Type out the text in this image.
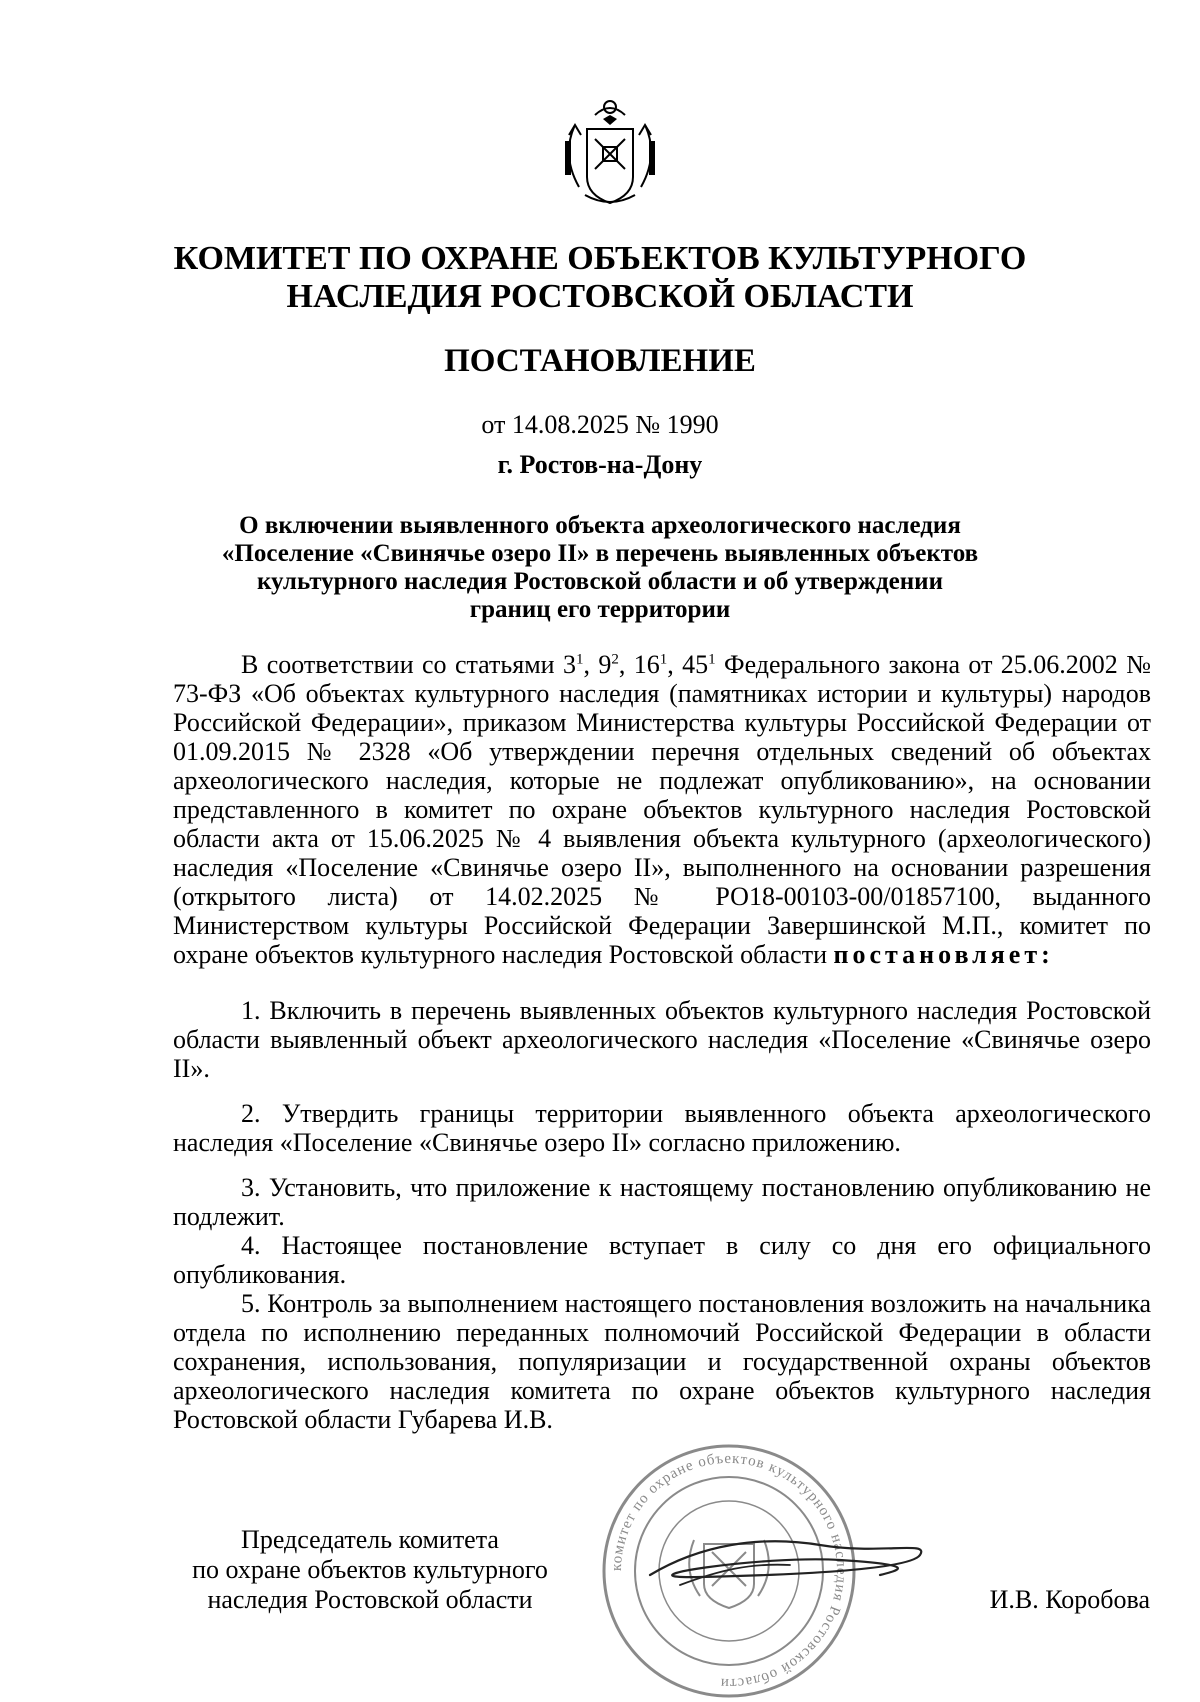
КОМИТЕТ ПО ОХРАНЕ ОБЪЕКТОВ КУЛЬТУРНОГО
НАСЛЕДИЯ РОСТОВСКОЙ ОБЛАСТИ
ПОСТАНОВЛЕНИЕ
от 14.08.2025 № 1990
г. Ростов-на-Дону
О включении выявленного объекта археологического наследия
«Поселение «Свинячье озеро II» в перечень выявленных объектов
культурного наследия Ростовской области и об утверждении
границ его территории

В соответствии со статьями $3^1$, $9^2$, $16^1$, $45^1$ Федерального закона от 25.06.2002 № 73-ФЗ «Об объектах культурного наследия (памятниках истории и культуры) народов Российской Федерации», приказом Министерства культуры Российской Федерации от 01.09.2015 № 2328 «Об утверждении перечня отдельных сведений об объектах археологического наследия, которые не подлежат опубликованию», на основании представленного в комитет по охране объектов культурного наследия Ростовской области акта от 15.06.2025 № 4 выявления объекта культурного (археологического) наследия «Поселение «Свинячье озеро II», выполненного на основании разрешения (открытого листа) от 14.02.2025 № РО18-00103-00/01857100, выданного Министерством культуры Российской Федерации Завершинской М.П., комитет по охране объектов культурного наследия Ростовской области постановляет:

1. Включить в перечень выявленных объектов культурного наследия Ростовской области выявленный объект археологического наследия «Поселение «Свинячье озеро II».

2. Утвердить границы территории выявленного объекта археологического наследия «Поселение «Свинячье озеро II» согласно приложению.

3. Установить, что приложение к настоящему постановлению опубликованию не подлежит.

4. Настоящее постановление вступает в силу со дня его официального опубликования.

5. Контроль за выполнением настоящего постановления возложить на начальника отдела по исполнению переданных полномочий Российской Федерации в области сохранения, использования, популяризации и государственной охраны объектов археологического наследия комитета по охране объектов культурного наследия Ростовской области Губарева И.В.

комитет по охране объектов культурного наследия Ростовской области
Председатель комитета
по охране объектов культурного
наследия Ростовской области	И.В. Коробова
